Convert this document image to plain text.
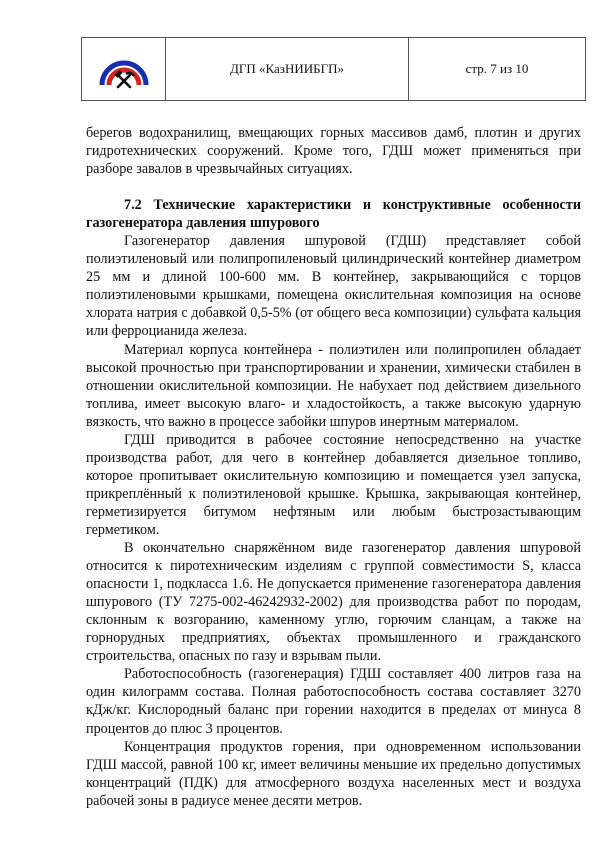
ДГП «КазНИИБГП»	стр. 7 из 10

берегов водохранилищ, вмещающих горных массивов дамб, плотин и других гидротехнических сооружений. Кроме того, ГДШ может применяться при разборе завалов в чрезвычайных ситуациях.

7.2 Технические характеристики и конструктивные особенности газогенератора давления шпурового

Газогенератор давления шпуровой (ГДШ) представляет собой полиэтиленовый или полипропиленовый цилиндрический контейнер диаметром 25 мм и длиной 100-600 мм. В контейнер, закрывающийся с торцов полиэтиленовыми крышками, помещена окислительная композиция на основе хлората натрия с добавкой 0,5-5% (от общего веса композиции) сульфата кальция или ферроцианида железа.

Материал корпуса контейнера - полиэтилен или полипропилен обладает высокой прочностью при транспортировании и хранении, химически стабилен в отношении окислительной композиции. Не набухает под действием дизельного топлива, имеет высокую влаго- и хладостойкость, а также высокую ударную вязкость, что важно в процессе забойки шпуров инертным материалом.

ГДШ приводится в рабочее состояние непосредственно на участке производства работ, для чего в контейнер добавляется дизельное топливо, которое пропитывает окислительную композицию и помещается узел запуска, прикреплённый к полиэтиленовой крышке. Крышка, закрывающая контейнер, герметизируется битумом нефтяным или любым быстрозастывающим герметиком.

В окончательно снаряжённом виде газогенератор давления шпуровой относится к пиротехническим изделиям с группой совместимости S, класса опасности 1, подкласса 1.6. Не допускается применение газогенератора давления шпурового (ТУ 7275-002-46242932-2002) для производства работ по породам, склонным к возгоранию, каменному углю, горючим сланцам, а также на горнорудных предприятиях, объектах промышленного и гражданского строительства, опасных по газу и взрывам пыли.

Работоспособность (газогенерация) ГДШ составляет 400 литров газа на один килограмм состава. Полная работоспособность состава составляет 3270 кДж/кг. Кислородный баланс при горении находится в пределах от минуса 8 процентов до плюс 3 процентов.

Концентрация продуктов горения, при одновременном использовании ГДШ массой, равной 100 кг, имеет величины меньшие их предельно допустимых концентраций (ПДК) для атмосферного воздуха населенных мест и воздуха рабочей зоны в радиусе менее десяти метров.
